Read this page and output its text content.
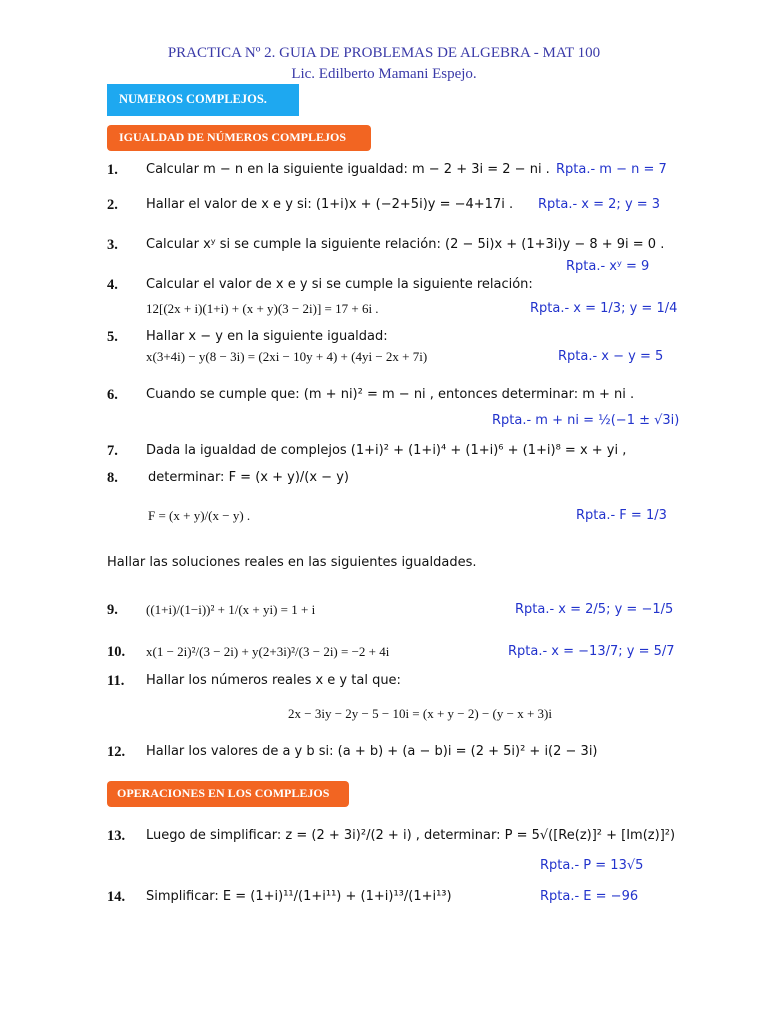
PRACTICA Nº 2. GUIA DE PROBLEMAS DE ALGEBRA - MAT 100
Lic. Edilberto Mamani Espejo.
NUMEROS COMPLEJOS.
IGUALDAD DE NÚMEROS COMPLEJOS
1. Calcular m − n en la siguiente igualdad: m − 2 + 3i = 2 − ni . Rpta.- m − n = 7
2. Hallar el valor de x e y si: (1+i)x + (−2+5i)y = −4+17i . Rpta.- x = 2; y = 3
3. Calcular xʸ si se cumple la siguiente relación: (2 − 5i)x + (1+3i)y − 8 + 9i = 0 .
Rpta.- xʸ = 9
4. Calcular el valor de x e y si se cumple la siguiente relación:
12[(2x + i)(1+i) + (x + y)(3 − 2i)] = 17 + 6i .	Rpta.- x = 1/3; y = 1/4
5. Hallar x − y en la siguiente igualdad:
x(3+4i) − y(8 − 3i) = (2xi − 10y + 4) + (4yi − 2x + 7i)	Rpta.- x − y = 5
6. Cuando se cumple que: (m + ni)² = m − ni , entonces determinar: m + ni .
Rpta.- m + ni = ½(−1 ± √3i)
7. Dada la igualdad de complejos (1+i)² + (1+i)⁴ + (1+i)⁶ + (1+i)⁸ = x + yi ,
8. determinar: F = (x + y)/(x − y)
F = (x + y)/(x − y) .	Rpta.- F = 1/3
Hallar las soluciones reales en las siguientes igualdades.
9. ((1+i)/(1−i))² + 1/(x + yi) = 1 + i	Rpta.- x = 2/5; y = −1/5
10. x(1 − 2i)²/(3 − 2i) + y(2+3i)²/(3 − 2i) = −2 + 4i	Rpta.- x = −13/7; y = 5/7
11. Hallar los números reales x e y tal que:
2x − 3iy − 2y − 5 − 10i = (x + y − 2) − (y − x + 3)i
12. Hallar los valores de a y b si: (a + b) + (a − b)i = (2 + 5i)² + i(2 − 3i)
OPERACIONES EN LOS COMPLEJOS
13. Luego de simplificar: z = (2 + 3i)²/(2 + i) , determinar: P = 5√([Re(z)]² + [Im(z)]²)
Rpta.- P = 13√5
14. Simplificar: E = (1+i)¹¹/(1+i¹¹) + (1+i)¹³/(1+i¹³)	Rpta.- E = −96
